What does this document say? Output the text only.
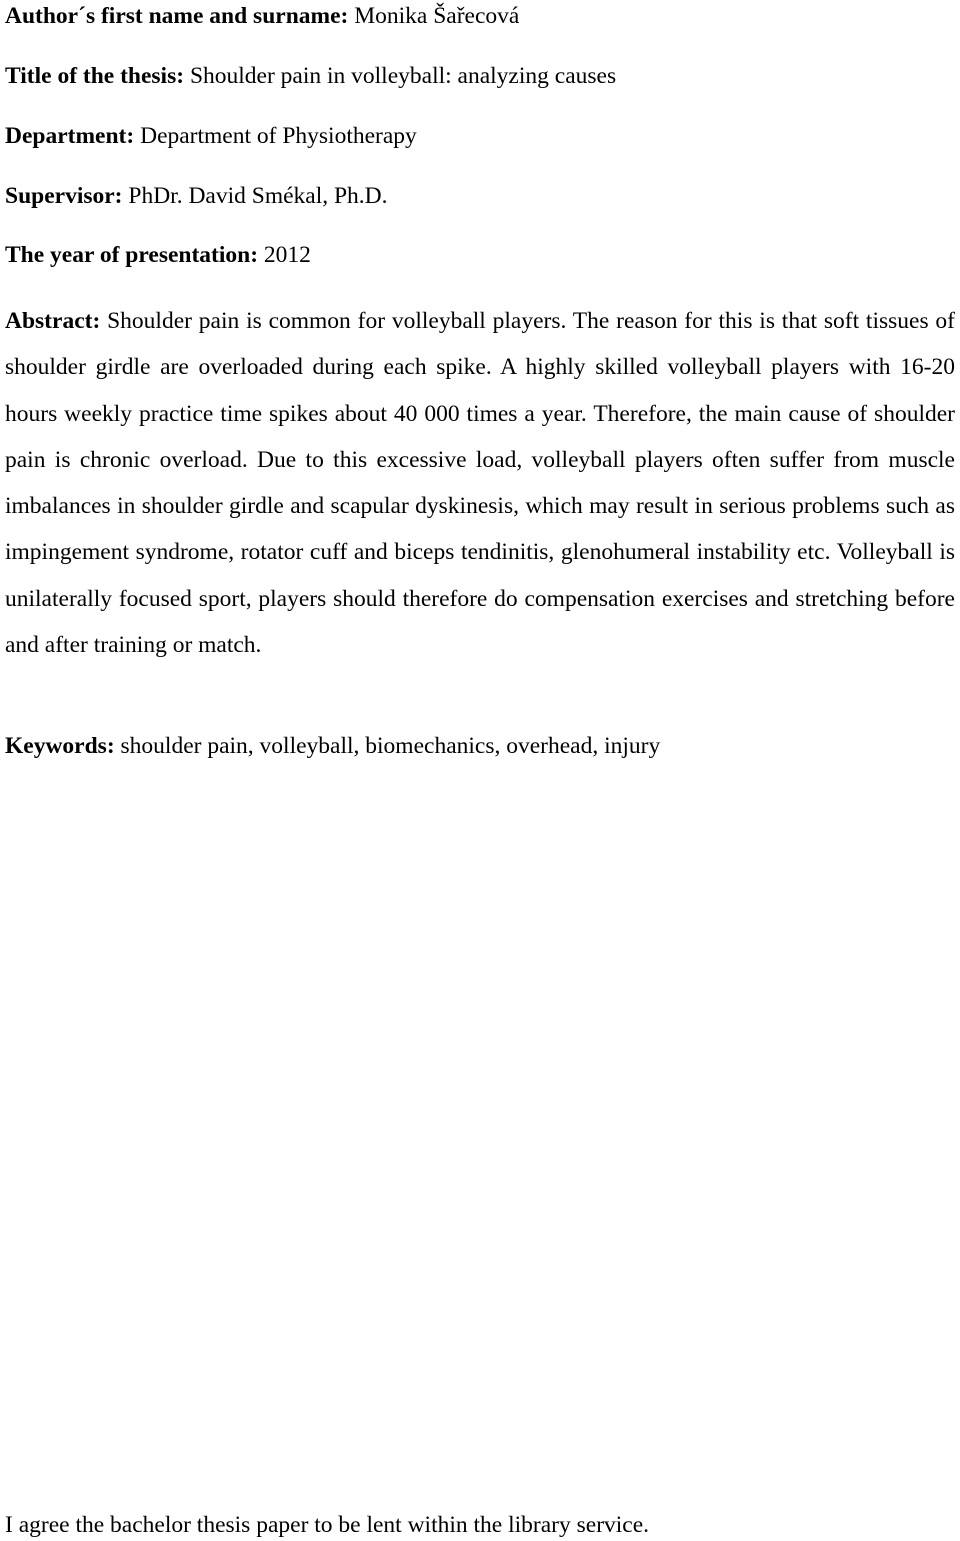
Author´s first name and surname: Monika Šařecová
Title of the thesis: Shoulder pain in volleyball: analyzing causes
Department: Department of Physiotherapy
Supervisor: PhDr. David Smékal, Ph.D.
The year of presentation: 2012
Abstract: Shoulder pain is common for volleyball players. The reason for this is that soft tissues of shoulder girdle are overloaded during each spike. A highly skilled volleyball players with 16-20 hours weekly practice time spikes about 40 000 times a year. Therefore, the main cause of shoulder pain is chronic overload. Due to this excessive load, volleyball players often suffer from muscle imbalances in shoulder girdle and scapular dyskinesis, which may result in serious problems such as impingement syndrome, rotator cuff and biceps tendinitis, glenohumeral instability etc. Volleyball is unilaterally focused sport, players should therefore do compensation exercises and stretching before and after training or match.
Keywords: shoulder pain, volleyball, biomechanics, overhead, injury
I agree the bachelor thesis paper to be lent within the library service.
